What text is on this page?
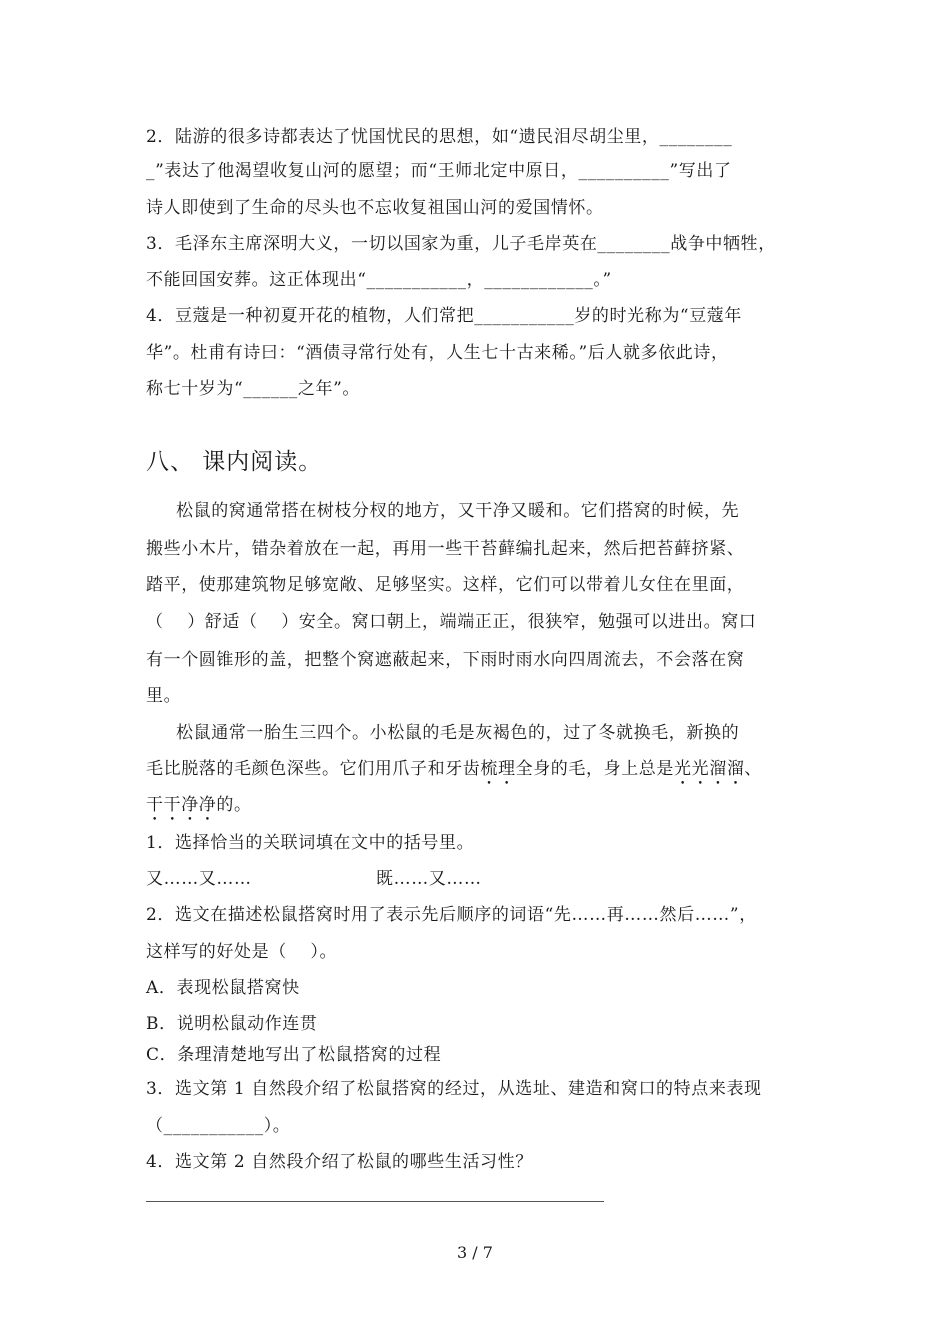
2．陆游的很多诗都表达了忧国忧民的思想，如“遗民泪尽胡尘里，________
_”表达了他渴望收复山河的愿望；而“王师北定中原日，__________”写出了
诗人即使到了生命的尽头也不忘收复祖国山河的爱国情怀。
3．毛泽东主席深明大义，一切以国家为重，儿子毛岸英在________战争中牺牲，
不能回国安葬。这正体现出“___________，____________。”
4．豆蔻是一种初夏开花的植物，人们常把___________岁的时光称为“豆蔻年
华”。杜甫有诗曰：“酒债寻常行处有，人生七十古来稀。”后人就多依此诗，
称七十岁为“______之年”。
八、 课内阅读。
松鼠的窝通常搭在树枝分杈的地方，又干净又暖和。它们搭窝的时候，先
搬些小木片，错杂着放在一起，再用一些干苔藓编扎起来，然后把苔藓挤紧、
踏平，使那建筑物足够宽敞、足够坚实。这样，它们可以带着儿女住在里面，
（　 ）舒适（　 ）安全。窝口朝上，端端正正，很狭窄，勉强可以进出。窝口
有一个圆锥形的盖，把整个窝遮蔽起来，下雨时雨水向四周流去，不会落在窝
里。
松鼠通常一胎生三四个。小松鼠的毛是灰褐色的，过了冬就换毛，新换的
毛比脱落的毛颜色深些。它们用爪子和牙齿梳理全身的毛，身上总是光光溜溜、
干干净净的。
1．选择恰当的关联词填在文中的括号里。
又……又……	既……又……
2．选文在描述松鼠搭窝时用了表示先后顺序的词语“先……再……然后……”，
这样写的好处是（　 ）。
A．表现松鼠搭窝快
B．说明松鼠动作连贯
C．条理清楚地写出了松鼠搭窝的过程
3．选文第 1 自然段介绍了松鼠搭窝的经过，从选址、建造和窝口的特点来表现
（___________）。
4．选文第 2 自然段介绍了松鼠的哪些生活习性？
3 / 7
